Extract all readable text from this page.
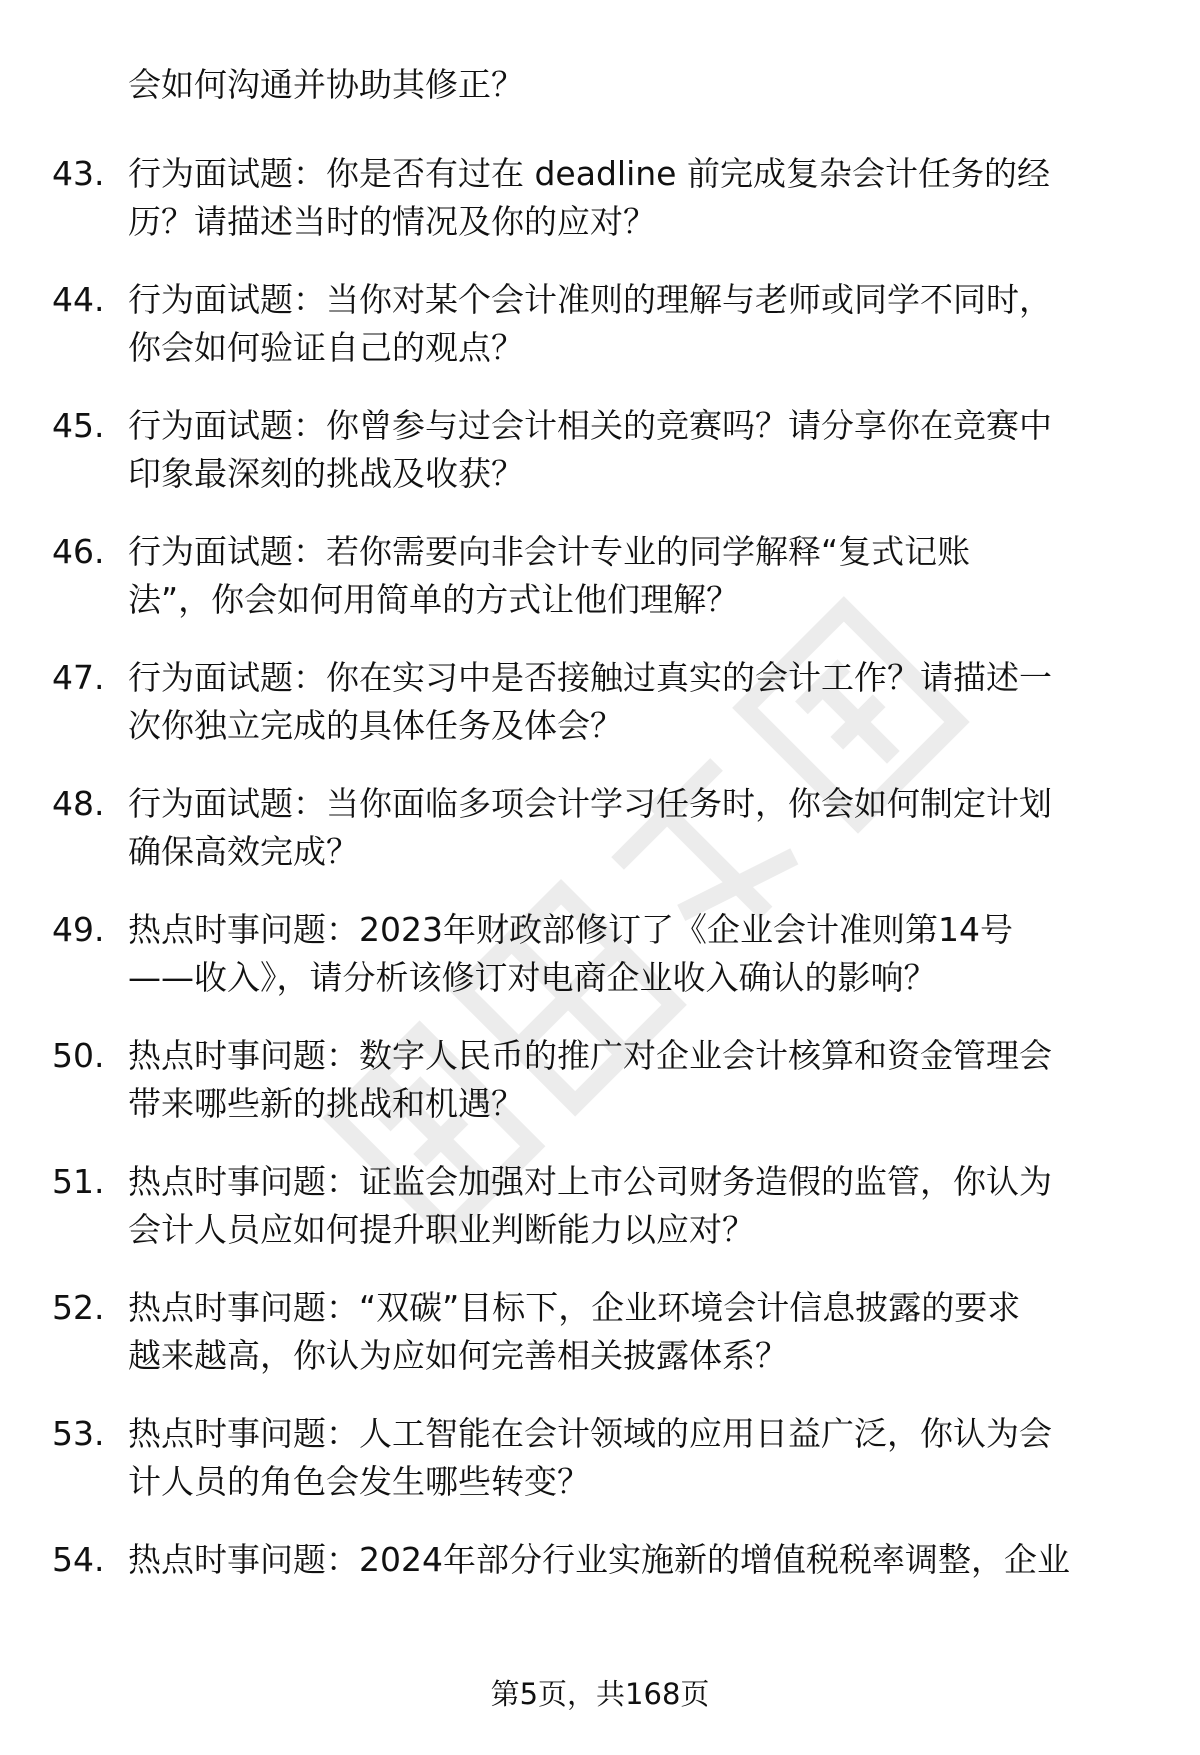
会如何沟通并协助其修正？
43. 行为面试题：你是否有过在 deadline 前完成复杂会计任务的经
历？请描述当时的情况及你的应对？
44. 行为面试题：当你对某个会计准则的理解与老师或同学不同时，
你会如何验证自己的观点？
45. 行为面试题：你曾参与过会计相关的竞赛吗？请分享你在竞赛中
印象最深刻的挑战及收获？
46. 行为面试题：若你需要向非会计专业的同学解释“复式记账
法”，你会如何用简单的方式让他们理解？
47. 行为面试题：你在实习中是否接触过真实的会计工作？请描述一
次你独立完成的具体任务及体会？
48. 行为面试题：当你面临多项会计学习任务时，你会如何制定计划
确保高效完成？
49. 热点时事问题：2023年财政部修订了《企业会计准则第14号
——收入》，请分析该修订对电商企业收入确认的影响？
50. 热点时事问题：数字人民币的推广对企业会计核算和资金管理会
带来哪些新的挑战和机遇？
51. 热点时事问题：证监会加强对上市公司财务造假的监管，你认为
会计人员应如何提升职业判断能力以应对？
52. 热点时事问题：“双碳”目标下，企业环境会计信息披露的要求
越来越高，你认为应如何完善相关披露体系？
53. 热点时事问题：人工智能在会计领域的应用日益广泛，你认为会
计人员的角色会发生哪些转变？
54. 热点时事问题：2024年部分行业实施新的增值税税率调整，企业
第5页，共168页
